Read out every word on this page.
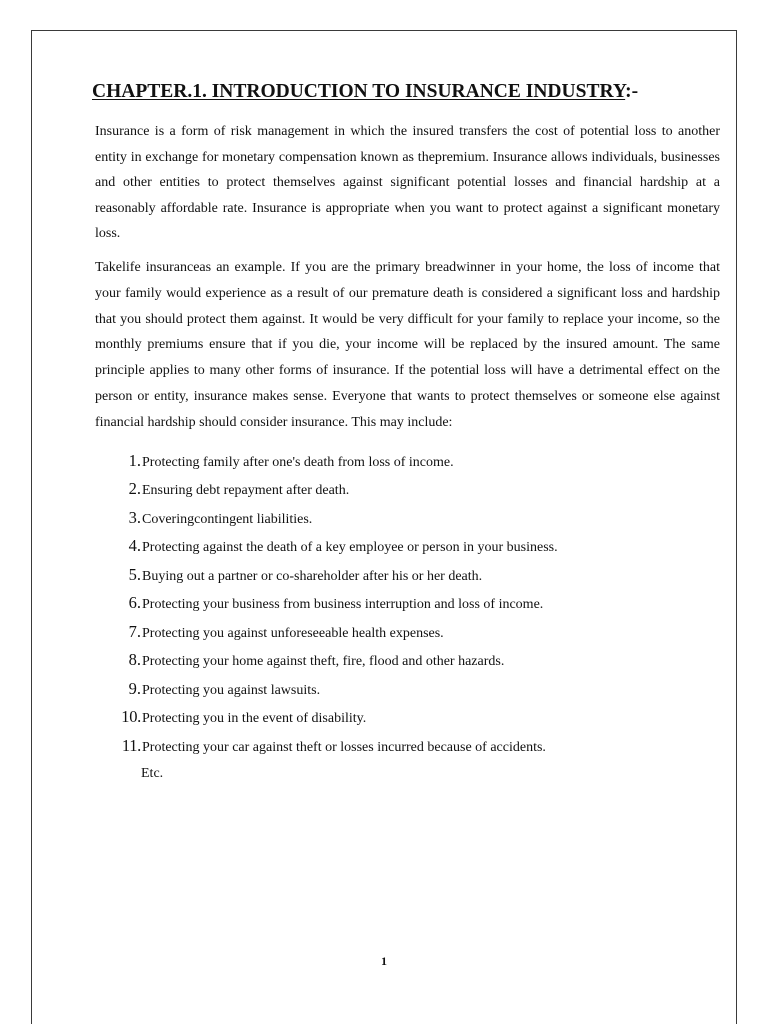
CHAPTER.1. INTRODUCTION TO INSURANCE INDUSTRY:-

Insurance is a form of risk management in which the insured transfers the cost of potential loss to another entity in exchange for monetary compensation known as thepremium. Insurance allows individuals, businesses and other entities to protect themselves against significant potential losses and financial hardship at a reasonably affordable rate. Insurance is appropriate when you want to protect against a significant monetary loss.

Takelife insuranceas an example. If you are the primary breadwinner in your home, the loss of income that your family would experience as a result of our premature death is considered a significant loss and hardship that you should protect them against. It would be very difficult for your family to replace your income, so the monthly premiums ensure that if you die, your income will be replaced by the insured amount. The same principle applies to many other forms of insurance. If the potential loss will have a detrimental effect on the person or entity, insurance makes sense. Everyone that wants to protect themselves or someone else against financial hardship should consider insurance. This may include:

1. Protecting family after one's death from loss of income.
2. Ensuring debt repayment after death.
3. Coveringcontingent liabilities.
4. Protecting against the death of a key employee or person in your business.
5. Buying out a partner or co-shareholder after his or her death.
6. Protecting your business from business interruption and loss of income.
7. Protecting you against unforeseeable health expenses.
8. Protecting your home against theft, fire, flood and other hazards.
9. Protecting you against lawsuits.
10. Protecting you in the event of disability.
11. Protecting your car against theft or losses incurred because of accidents.

Etc.

1
